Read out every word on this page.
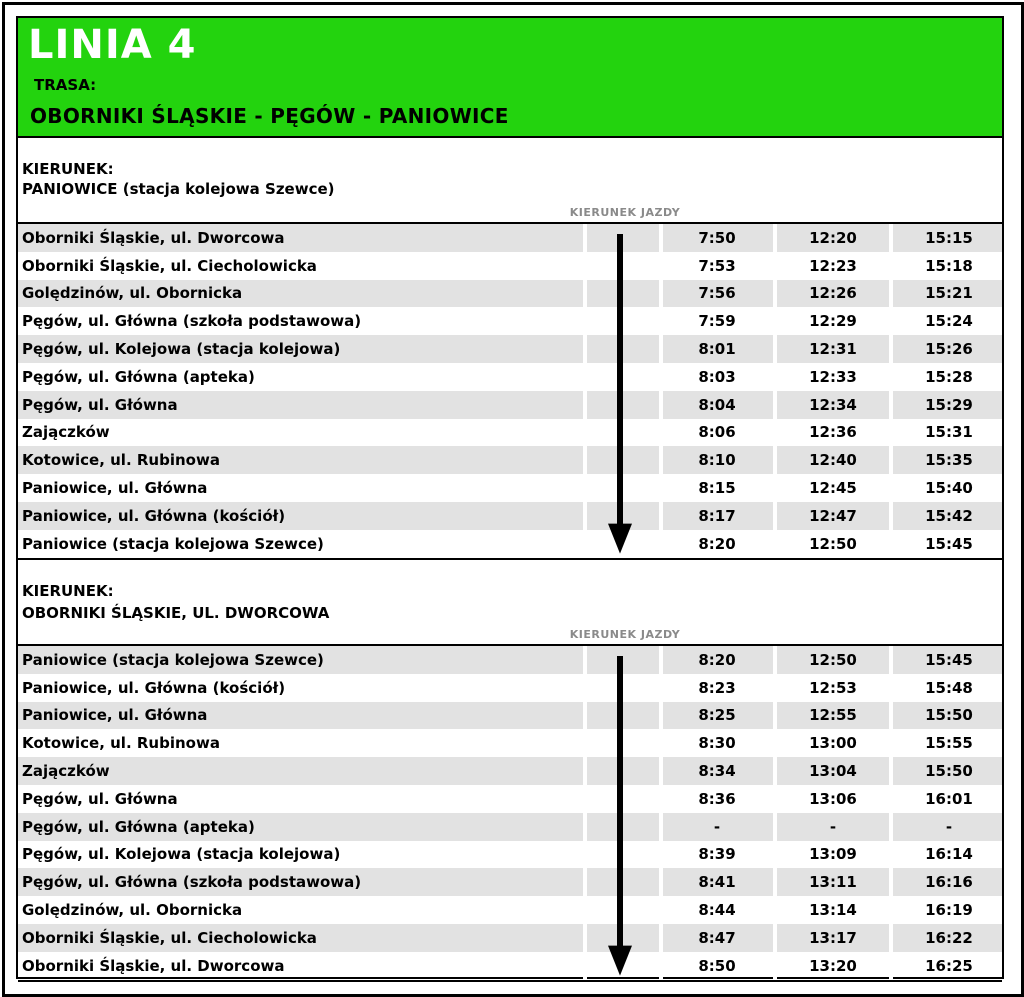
LINIA 4
TRASA:
OBORNIKI ŚLĄSKIE - PĘGÓW - PANIOWICE
KIERUNEK:
PANIOWICE (stacja kolejowa Szewce)
KIERUNEK JAZDY
Oborniki Śląskie, ul. Dworcowa	7:50	12:20	15:15
Oborniki Śląskie, ul. Ciecholowicka	7:53	12:23	15:18
Golędzinów, ul. Obornicka	7:56	12:26	15:21
Pęgów, ul. Główna (szkoła podstawowa)	7:59	12:29	15:24
Pęgów, ul. Kolejowa (stacja kolejowa)	8:01	12:31	15:26
Pęgów, ul. Główna (apteka)	8:03	12:33	15:28
Pęgów, ul. Główna	8:04	12:34	15:29
Zajączków	8:06	12:36	15:31
Kotowice, ul. Rubinowa	8:10	12:40	15:35
Paniowice, ul. Główna	8:15	12:45	15:40
Paniowice, ul. Główna (kościół)	8:17	12:47	15:42
Paniowice (stacja kolejowa Szewce)	8:20	12:50	15:45
KIERUNEK:
OBORNIKI ŚLĄSKIE, UL. DWORCOWA
KIERUNEK JAZDY
Paniowice (stacja kolejowa Szewce)	8:20	12:50	15:45
Paniowice, ul. Główna (kościół)	8:23	12:53	15:48
Paniowice, ul. Główna	8:25	12:55	15:50
Kotowice, ul. Rubinowa	8:30	13:00	15:55
Zajączków	8:34	13:04	15:50
Pęgów, ul. Główna	8:36	13:06	16:01
Pęgów, ul. Główna (apteka)	-	-	-
Pęgów, ul. Kolejowa (stacja kolejowa)	8:39	13:09	16:14
Pęgów, ul. Główna (szkoła podstawowa)	8:41	13:11	16:16
Golędzinów, ul. Obornicka	8:44	13:14	16:19
Oborniki Śląskie, ul. Ciecholowicka	8:47	13:17	16:22
Oborniki Śląskie, ul. Dworcowa	8:50	13:20	16:25
